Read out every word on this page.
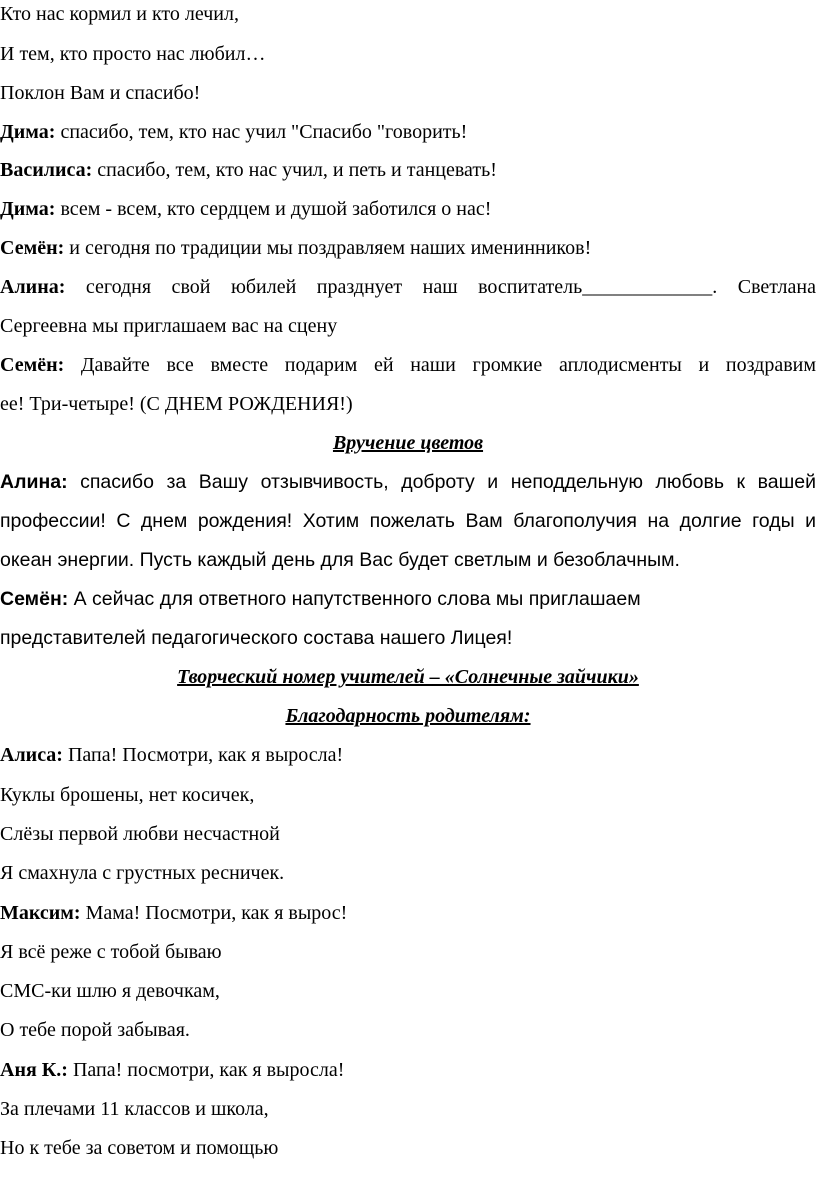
Кто нас кормил и кто лечил,
И тем, кто просто нас любил…
Поклон Вам и спасибо!
Дима: спасибо, тем, кто нас учил "Спасибо "говорить!
Василиса: спасибо, тем, кто нас учил, и петь и танцевать!
Дима: всем - всем, кто сердцем и душой заботился о нас!
Семён: и сегодня по традиции мы поздравляем наших именинников!
Алина: сегодня свой юбилей празднует наш воспитатель_____________. Светлана
Сергеевна мы приглашаем вас на сцену
Семён: Давайте все вместе подарим ей наши громкие аплодисменты и поздравим
ее! Три-четыре! (С ДНЕМ РОЖДЕНИЯ!)
Вручение цветов
Алина: спасибо за Вашу отзывчивость, доброту и неподдельную любовь к вашей
профессии! С днем рождения! Хотим пожелать Вам благополучия на долгие годы и
океан энергии. Пусть каждый день для Вас будет светлым и безоблачным.
Семён: А сейчас для ответного напутственного слова мы приглашаем
представителей педагогического состава нашего Лицея!
Творческий номер учителей – «Солнечные зайчики»
Благодарность родителям:
Алиса: Папа! Посмотри, как я выросла!
Куклы брошены, нет косичек,
Слёзы первой любви несчастной
Я смахнула с грустных ресничек.
Максим: Мама! Посмотри, как я вырос!
Я всё реже с тобой бываю
СМС-ки шлю я девочкам,
О тебе порой забывая.
Аня К.: Папа! посмотри, как я выросла!
За плечами 11 классов и школа,
Но к тебе за советом и помощью
